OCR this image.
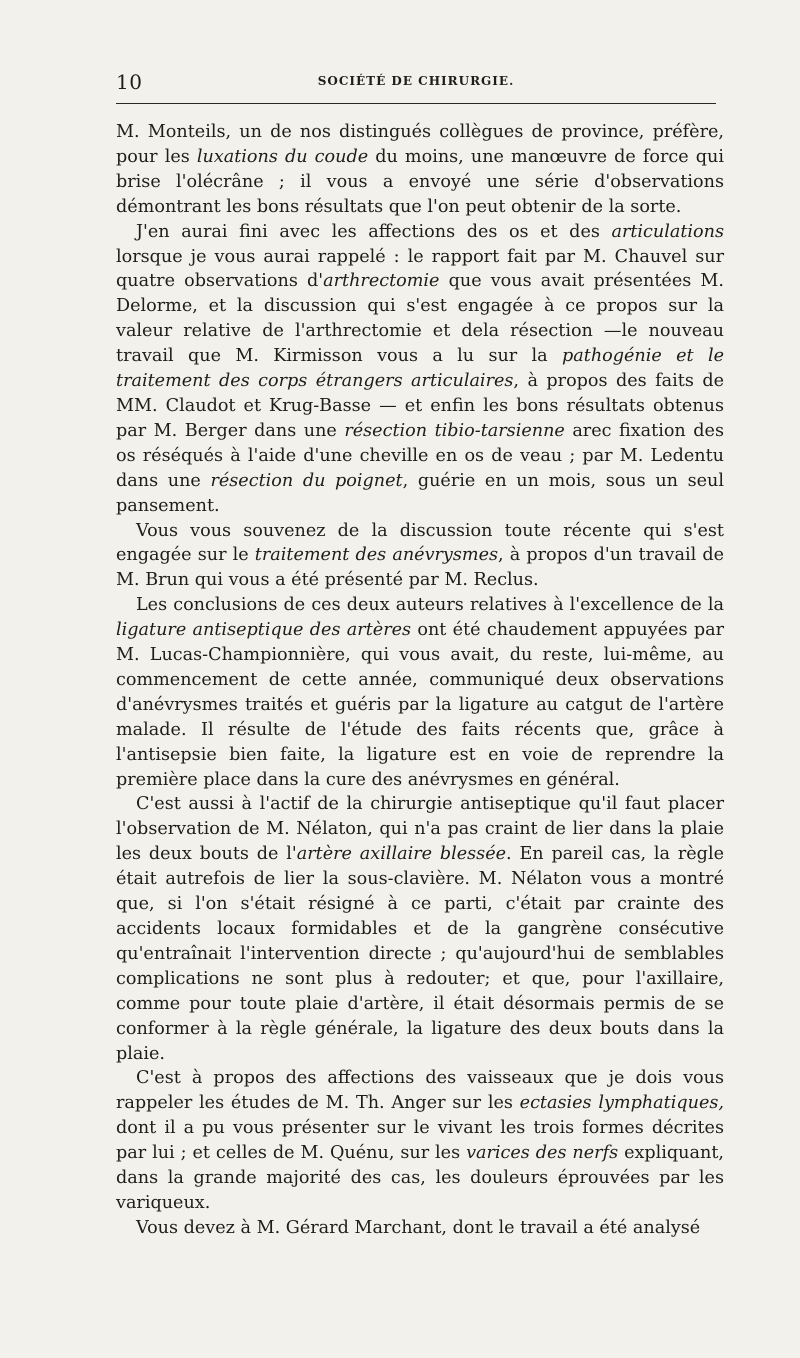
10	SOCIÉTÉ DE CHIRURGIE.

M. Monteils, un de nos distingués collègues de province, préfère, pour les luxations du coude du moins, une manœuvre de force qui brise l'olécrâne ; il vous a envoyé une série d'observations démontrant les bons résultats que l'on peut obtenir de la sorte.

J'en aurai fini avec les affections des os et des articulations lorsque je vous aurai rappelé : le rapport fait par M. Chauvel sur quatre observations d'arthrectomie que vous avait présentées M. Delorme, et la discussion qui s'est engagée à ce propos sur la valeur relative de l'arthrectomie et dela résection —le nouveau travail que M. Kirmisson vous a lu sur la pathogénie et le traitement des corps étrangers articulaires, à propos des faits de MM. Claudot et Krug-Basse — et enfin les bons résultats obtenus par M. Berger dans une résection tibio-tarsienne arec fixation des os réséqués à l'aide d'une cheville en os de veau ; par M. Ledentu dans une résection du poignet, guérie en un mois, sous un seul pansement.

Vous vous souvenez de la discussion toute récente qui s'est engagée sur le traitement des anévrysmes, à propos d'un travail de M. Brun qui vous a été présenté par M. Reclus.

Les conclusions de ces deux auteurs relatives à l'excellence de la ligature antiseptique des artères ont été chaudement appuyées par M. Lucas-Championnière, qui vous avait, du reste, lui-même, au commencement de cette année, communiqué deux observations d'anévrysmes traités et guéris par la ligature au catgut de l'artère malade. Il résulte de l'étude des faits récents que, grâce à l'antisepsie bien faite, la ligature est en voie de reprendre la première place dans la cure des anévrysmes en général.

C'est aussi à l'actif de la chirurgie antiseptique qu'il faut placer l'observation de M. Nélaton, qui n'a pas craint de lier dans la plaie les deux bouts de l'artère axillaire blessée. En pareil cas, la règle était autrefois de lier la sous-clavière. M. Nélaton vous a montré que, si l'on s'était résigné à ce parti, c'était par crainte des accidents locaux formidables et de la gangrène consécutive qu'entraînait l'intervention directe ; qu'aujourd'hui de semblables complications ne sont plus à redouter; et que, pour l'axillaire, comme pour toute plaie d'artère, il était désormais permis de se conformer à la règle générale, la ligature des deux bouts dans la plaie.

C'est à propos des affections des vaisseaux que je dois vous rappeler les études de M. Th. Anger sur les ectasies lymphatiques, dont il a pu vous présenter sur le vivant les trois formes décrites par lui ; et celles de M. Quénu, sur les varices des nerfs expliquant, dans la grande majorité des cas, les douleurs éprouvées par les variqueux.

Vous devez à M. Gérard Marchant, dont le travail a été analysé
